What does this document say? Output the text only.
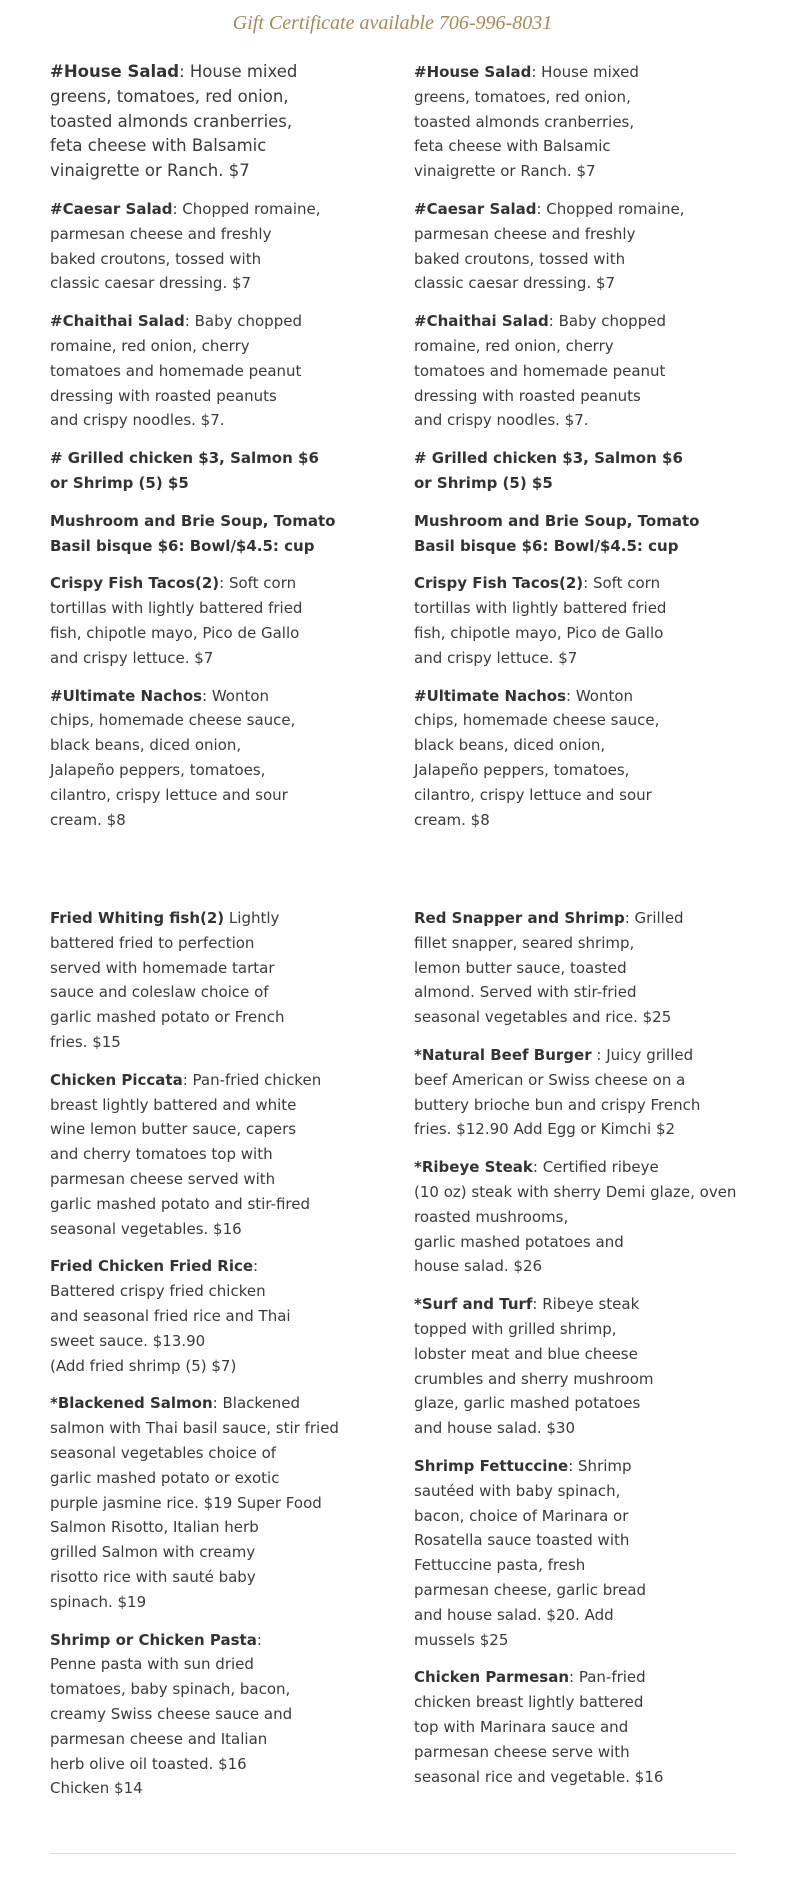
Gift Certificate available 706-996-8031

#House Salad: House mixed
greens, tomatoes, red onion,
toasted almonds cranberries,
feta cheese with Balsamic
vinaigrette or Ranch. $7

#Caesar Salad: Chopped romaine,
parmesan cheese and freshly
baked croutons, tossed with
classic caesar dressing. $7

#Chaithai Salad: Baby chopped
romaine, red onion, cherry
tomatoes and homemade peanut
dressing with roasted peanuts
and crispy noodles. $7.

# Grilled chicken $3, Salmon $6
or Shrimp (5) $5

Mushroom and Brie Soup, Tomato
Basil bisque $6: Bowl/$4.5: cup

Crispy Fish Tacos(2): Soft corn
tortillas with lightly battered fried
fish, chipotle mayo, Pico de Gallo
and crispy lettuce. $7

#Ultimate Nachos: Wonton
chips, homemade cheese sauce,
black beans, diced onion,
Jalapeño peppers, tomatoes,
cilantro, crispy lettuce and sour
cream. $8

#House Salad: House mixed
greens, tomatoes, red onion,
toasted almonds cranberries,
feta cheese with Balsamic
vinaigrette or Ranch. $7

#Caesar Salad: Chopped romaine,
parmesan cheese and freshly
baked croutons, tossed with
classic caesar dressing. $7

#Chaithai Salad: Baby chopped
romaine, red onion, cherry
tomatoes and homemade peanut
dressing with roasted peanuts
and crispy noodles. $7.

# Grilled chicken $3, Salmon $6
or Shrimp (5) $5

Mushroom and Brie Soup, Tomato
Basil bisque $6: Bowl/$4.5: cup

Crispy Fish Tacos(2): Soft corn
tortillas with lightly battered fried
fish, chipotle mayo, Pico de Gallo
and crispy lettuce. $7

#Ultimate Nachos: Wonton
chips, homemade cheese sauce,
black beans, diced onion,
Jalapeño peppers, tomatoes,
cilantro, crispy lettuce and sour
cream. $8

Fried Whiting fish(2) Lightly
battered fried to perfection
served with homemade tartar
sauce and coleslaw choice of
garlic mashed potato or French
fries. $15

Chicken Piccata: Pan-fried chicken
breast lightly battered and white
wine lemon butter sauce, capers
and cherry tomatoes top with
parmesan cheese served with
garlic mashed potato and stir-fired
seasonal vegetables. $16

Fried Chicken Fried Rice:
Battered crispy fried chicken
and seasonal fried rice and Thai
sweet sauce. $13.90
(Add fried shrimp (5) $7)

*Blackened Salmon: Blackened
salmon with Thai basil sauce, stir fried
seasonal vegetables choice of
garlic mashed potato or exotic
purple jasmine rice. $19 Super Food
Salmon Risotto, Italian herb
grilled Salmon with creamy
risotto rice with sauté baby
spinach. $19

Shrimp or Chicken Pasta:
Penne pasta with sun dried
tomatoes, baby spinach, bacon,
creamy Swiss cheese sauce and
parmesan cheese and Italian
herb olive oil toasted. $16
Chicken $14

Red Snapper and Shrimp: Grilled
fillet snapper, seared shrimp,
lemon butter sauce, toasted
almond. Served with stir-fried
seasonal vegetables and rice. $25

*Natural Beef Burger : Juicy grilled
beef American or Swiss cheese on a
buttery brioche bun and crispy French
fries. $12.90 Add Egg or Kimchi $2

*Ribeye Steak: Certified ribeye
(10 oz) steak with sherry Demi glaze, oven
roasted mushrooms,
garlic mashed potatoes and
house salad. $26

*Surf and Turf: Ribeye steak
topped with grilled shrimp,
lobster meat and blue cheese
crumbles and sherry mushroom
glaze, garlic mashed potatoes
and house salad. $30

Shrimp Fettuccine: Shrimp
sautéed with baby spinach,
bacon, choice of Marinara or
Rosatella sauce toasted with
Fettuccine pasta, fresh
parmesan cheese, garlic bread
and house salad. $20. Add
mussels $25

Chicken Parmesan: Pan-fried
chicken breast lightly battered
top with Marinara sauce and
parmesan cheese serve with
seasonal rice and vegetable. $16
